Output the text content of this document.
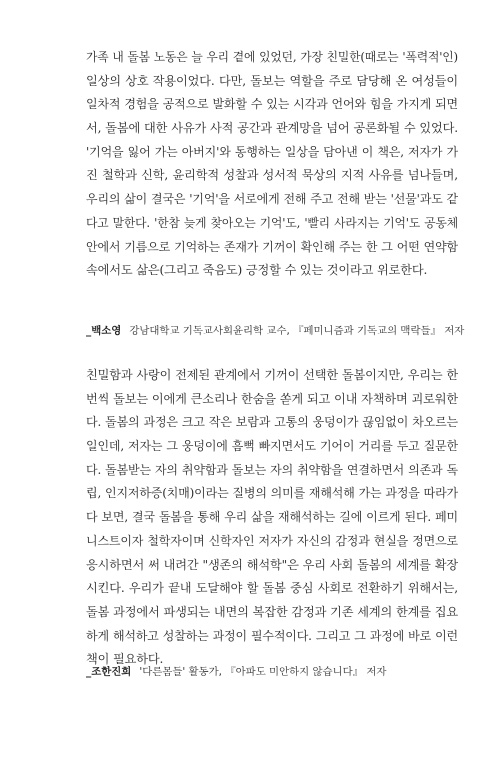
가족 내 돌봄 노동은 늘 우리 곁에 있었던, 가장 친밀한(때로는 '폭력적'인)
일상의 상호 작용이었다. 다만, 돌보는 역할을 주로 담당해 온 여성들이
일차적 경험을 공적으로 발화할 수 있는 시각과 언어와 힘을 가지게 되면
서, 돌봄에 대한 사유가 사적 공간과 관계망을 넘어 공론화될 수 있었다.
'기억을 잃어 가는 아버지'와 동행하는 일상을 담아낸 이 책은, 저자가 가
진 철학과 신학, 윤리학적 성찰과 성서적 묵상의 지적 사유를 넘나들며,
우리의 삶이 결국은 '기억'을 서로에게 전해 주고 전해 받는 '선물'과도 같
다고 말한다. '한참 늦게 찾아오는 기억'도, '빨리 사라지는 기억'도 공동체
안에서 기름으로 기억하는 존재가 기꺼이 확인해 주는 한 그 어떤 연약함
속에서도 삶은(그리고 죽음도) 긍정할 수 있는 것이라고 위로한다.
_백소영 강남대학교 기독교사회윤리학 교수, 『페미니즘과 기독교의 맥락들』 저자
친밀함과 사랑이 전제된 관계에서 기꺼이 선택한 돌봄이지만, 우리는 한
번씩 돌보는 이에게 큰소리나 한숨을 쏟게 되고 이내 자책하며 괴로워한
다. 돌봄의 과정은 크고 작은 보람과 고통의 웅덩이가 끊임없이 차오르는
일인데, 저자는 그 웅덩이에 흠뻑 빠지면서도 기어이 거리를 두고 질문한
다. 돌봄받는 자의 취약함과 돌보는 자의 취약함을 연결하면서 의존과 독
립, 인지저하증(치매)이라는 질병의 의미를 재해석해 가는 과정을 따라가
다 보면, 결국 돌봄을 통해 우리 삶을 재해석하는 길에 이르게 된다. 페미
니스트이자 철학자이며 신학자인 저자가 자신의 감정과 현실을 정면으로
응시하면서 써 내려간 "생존의 해석학"은 우리 사회 돌봄의 세계를 확장
시킨다. 우리가 끝내 도달해야 할 돌봄 중심 사회로 전환하기 위해서는,
돌봄 과정에서 파생되는 내면의 복잡한 감정과 기존 세계의 한계를 집요
하게 해석하고 성찰하는 과정이 필수적이다. 그리고 그 과정에 바로 이런
책이 필요하다.
_조한진희 '다른몸들' 활동가, 『아파도 미안하지 않습니다』 저자
